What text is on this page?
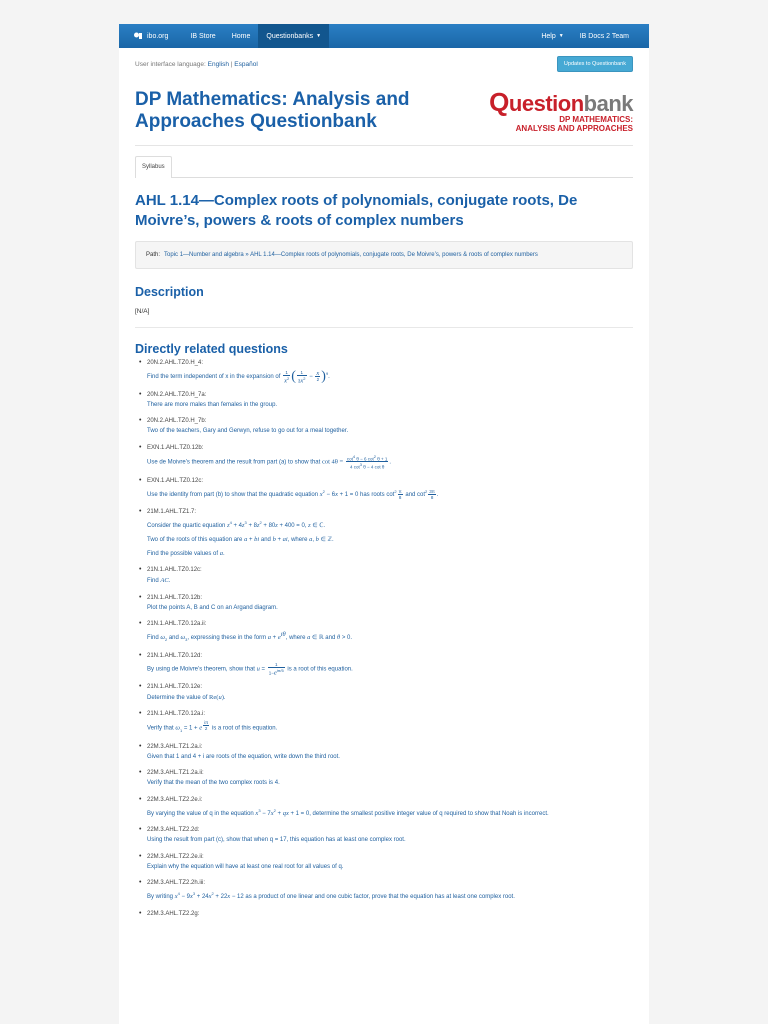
ibo.org	IB Store	Home	Questionbanks ▼	Help ▼	IB Docs 2 Team
User interface language: English | Español	Updates to Questionbank
DP Mathematics: Analysis and Approaches Questionbank
Questionbank
DP MATHEMATICS:
ANALYSIS AND APPROACHES
Syllabus
AHL 1.14—Complex roots of polynomials, conjugate roots, De Moivre’s, powers & roots of complex numbers
Path: Topic 1—Number and algebra » AHL 1.14—Complex roots of polynomials, conjugate roots, De Moivre’s, powers & roots of complex numbers
Description
[N/A]
Directly related questions
• 20N.2.AHL.TZ0.H_4:
Find the term independent of x in the expansion of $\frac{1}{x^2}$ ( $\frac{1}{3x^2} - \frac{x}{2} )^9$.
• 20N.2.AHL.TZ0.H_7a:
There are more males than females in the group.
• 20N.2.AHL.TZ0.H_7b:
Two of the teachers, Gary and Gerwyn, refuse to go out for a meal together.
• EXN.1.AHL.TZ0.12b:
Use de Moivre’s theorem and the result from part (a) to show that $\cot 4\theta = \frac{\cot^4 \theta - 6 \cot^2 \theta + 1}{4 \cot^3 \theta - 4 \cot \theta}$ .
• EXN.1.AHL.TZ0.12c:
Use the identity from part (b) to show that the quadratic equation $x^2 - 6x + 1 = 0$ has roots $\cot^2 \frac{\pi}{8}$ and $\cot^2 \frac{3\pi}{8}$ .
• 21M.1.AHL.TZ1.7:
Consider the quartic equation $z^4 + 4z^3 + 8z^2 + 80z + 400 = 0$, z ∈ ℂ.
Two of the roots of this equation are a + bi and b + ai, where a, b ∈ ℤ.
Find the possible values of a.
• 21N.1.AHL.TZ0.12c:
Find AC.
• 21N.1.AHL.TZ0.12b:
Plot the points A, B and C on an Argand diagram.
• 21N.1.AHL.TZ0.12a.ii:
Find $\omega_2$ and $\omega_3$, expressing these in the form $a + e^{i\theta}$, where a ∈ ℝ and θ > 0.
• 21N.1.AHL.TZ0.12d:
By using de Moivre’s theorem, show that $u = \frac{1}{1-e^{i\pi/5}}$ is a root of this equation.
• 21N.1.AHL.TZ0.12e:
Determine the value of Re(u).
• 21N.1.AHL.TZ0.12a.i:
Verify that $\omega_1 = 1 + e$ $^{\frac{i\pi}{2}}$ is a root of this equation.
• 22M.3.AHL.TZ1.2a.i:
Given that 1 and 4 + i are roots of the equation, write down the third root.
• 22M.3.AHL.TZ1.2a.ii:
Verify that the mean of the two complex roots is 4.
• 22M.3.AHL.TZ2.2e.i:
By varying the value of q in the equation $x^3 - 7x^2$ + qx + 1 = 0, determine the smallest positive integer value of q required to show that Noah is incorrect.
• 22M.3.AHL.TZ2.2d:
Using the result from part (c), show that when q = 17, this equation has at least one complex root.
• 22M.3.AHL.TZ2.2e.ii:
Explain why the equation will have at least one real root for all values of q.
• 22M.3.AHL.TZ2.2h.iii:
By writing $x^4 - 9x^3 + 24x^2 + 22x - 12$ as a product of one linear and one cubic factor, prove that the equation has at least one complex root.
• 22M.3.AHL.TZ2.2g:
